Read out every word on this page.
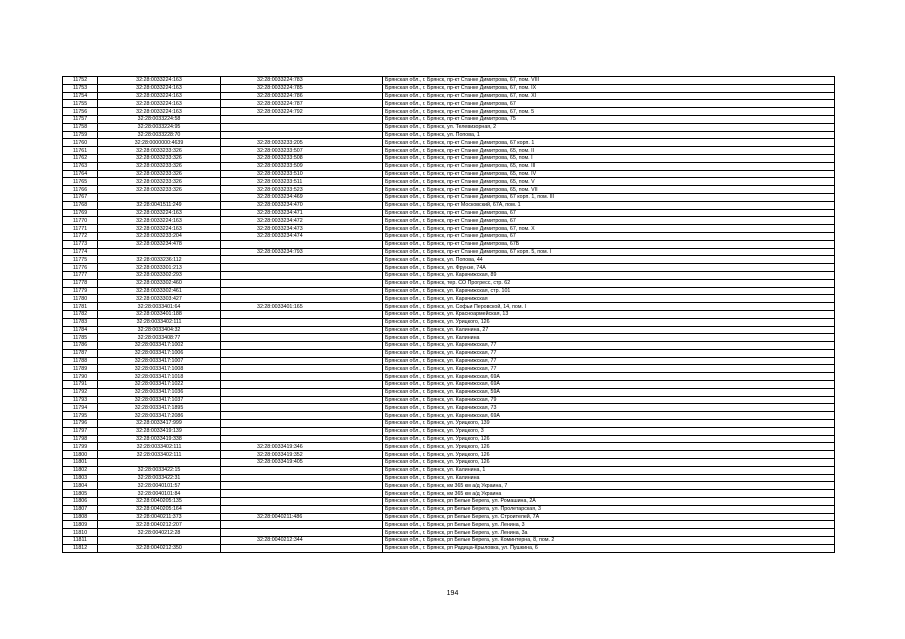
11752	32:28:0033224:163	32:28:0033224:783	Брянская обл., г. Брянск, пр-кт Станке Димитрова, 67, пом. VIII
11753	32:28:0033224:163	32:28:0033224:785	Брянская обл., г. Брянск, пр-кт Станке Димитрова, 67, пом. IX
11754	32:28:0033224:163	32:28:0033224:786	Брянская обл., г. Брянск, пр-кт Станке Димитрова, 67, пом. XI
11755	32:28:0033224:163	32:28:0033224:787	Брянская обл., г. Брянск, пр-кт Станке Димитрова, 67
11756	32:28:0033224:163	32:28:0033224:792	Брянская обл., г. Брянск, пр-кт Станке Димитрова, 67, пом. 5
11757	32:28:0033224:58		Брянская обл., г. Брянск, пр-кт Станке Димитрова, 75
11758	32:28:0033224:95		Брянская обл., г. Брянск, ул. Телевизорная, 2
11759	32:28:0033228:70		Брянская обл., г. Брянск, ул. Попова, 1
11760	32:28:0000000:4639	32:28:0033233:205	Брянская обл., г. Брянск, пр-кт Станке Димитрова, 67 корп. 1
11761	32:28:0033233:326	32:28:0033233:507	Брянская обл., г. Брянск, пр-кт Станке Димитрова, 65, пом. II
11762	32:28:0033233:326	32:28:0033233:508	Брянская обл., г. Брянск, пр-кт Станке Димитрова, 65, пом. I
11763	32:28:0033233:326	32:28:0033233:509	Брянская обл., г. Брянск, пр-кт Станке Димитрова, 65, пом. III
11764	32:28:0033233:326	32:28:0033233:510	Брянская обл., г. Брянск, пр-кт Станке Димитрова, 65, пом. IV
11765	32:28:0033233:326	32:28:0033233:511	Брянская обл., г. Брянск, пр-кт Станке Димитрова, 65, пом. V
11766	32:28:0033233:326	32:28:0033233:523	Брянская обл., г. Брянск, пр-кт Станке Димитрова, 65, пом. VII
11767		32:28:0033234:469	Брянская обл., г. Брянск, пр-кт Станке Димитрова, 67 корп. 1, пом. III
11768	32:28:0041511:249	32:28:0033234:470	Брянская обл., г. Брянск, пр-кт Московский, 67А, пом. 1
11769	32:28:0033224:163	32:28:0033234:471	Брянская обл., г. Брянск, пр-кт Станке Димитрова, 67
11770	32:28:0033224:163	32:28:0033234:472	Брянская обл., г. Брянск, пр-кт Станке Димитрова, 67
11771	32:28:0033224:163	32:28:0033234:473	Брянская обл., г. Брянск, пр-кт Станке Димитрова, 67, пом. X
11772	32:28:0033233:204	32:28:0033234:474	Брянская обл., г. Брянск, пр-кт Станке Димитрова, 67
11773	32:28:0033234:478		Брянская обл., г. Брянск, пр-кт Станке Димитрова, 67Б
11774		32:28:0033234:793	Брянская обл., г. Брянск, пр-кт Станке Димитрова, 67 корп. 5, пом. I
11775	32:28:0033236:112		Брянская обл., г. Брянск, ул. Попова, 44
11776	32:28:0033301:213		Брянская обл., г. Брянск, ул. Фрунзе, 74А
11777	32:28:0033302:293		Брянская обл., г. Брянск, ул. Карачижская, 89
11778	32:28:0033302:460		Брянская обл., г. Брянск, тер. СО Прогресс, стр. 62
11779	32:28:0033302:461		Брянская обл., г. Брянск, ул. Карачижская, стр. 101
11780	32:28:0033303:427		Брянская обл., г. Брянск, ул. Карачижская
11781	32:28:0033401:64	32:28:0033401:165	Брянская обл., г. Брянск, ул. Софьи Перовской, 14, пом. I
11782	32:28:0033401:188		Брянская обл., г. Брянск, ул. Красноармейская, 13
11783	32:28:0033402:111		Брянская обл., г. Брянск, ул. Урицкого, 126
11784	32:28:0033404:32		Брянская обл., г. Брянск, ул. Калинина, 27
11785	32:28:0033408:77		Брянская обл., г. Брянск, ул. Калинина
11786	32:28:0033417:1002		Брянская обл., г. Брянск, ул. Карачижская, 77
11787	32:28:0033417:1006		Брянская обл., г. Брянск, ул. Карачижская, 77
11788	32:28:0033417:1007		Брянская обл., г. Брянск, ул. Карачижская, 77
11789	32:28:0033417:1008		Брянская обл., г. Брянск, ул. Карачижская, 77
11790	32:28:0033417:1018		Брянская обл., г. Брянск, ул. Карачижская, 69А
11791	32:28:0033417:1022		Брянская обл., г. Брянск, ул. Карачижская, 69А
11792	32:28:0033417:1036		Брянская обл., г. Брянск, ул. Карачижская, 59А
11793	32:28:0033417:1037		Брянская обл., г. Брянск, ул. Карачижская, 79
11794	32:28:0033417:1895		Брянская обл., г. Брянск, ул. Карачижская, 73
11795	32:28:0033417:2086		Брянская обл., г. Брянск, ул. Карачижская, 69А
11796	32:28:0033417:999		Брянская обл., г. Брянск, ул. Урицкого, 139
11797	32:28:0033419:139		Брянская обл., г. Брянск, ул. Урицкого, 3
11798	32:28:0033419:338		Брянская обл., г. Брянск, ул. Урицкого, 126
11799	32:28:0033402:111	32:28:0033419:346	Брянская обл., г. Брянск, ул. Урицкого, 126
11800	32:28:0033402:111	32:28:0033419:352	Брянская обл., г. Брянск, ул. Урицкого, 126
11801		32:28:0033419:405	Брянская обл., г. Брянск, ул. Урицкого, 126
11802	32:28:0033422:15		Брянская обл., г. Брянск, ул. Калинина, 1
11803	32:28:0033422:31		Брянская обл., г. Брянск, ул. Калинина
11804	32:28:0040101:57		Брянская обл., г. Брянск, км 365 км а/д Украина, 7
11805	32:28:0040101:84		Брянская обл., г. Брянск, км 365 км а/д Украина
11806	32:28:0040205:135		Брянская обл., г. Брянск, рп Белые Берега, ул. Ромашина, 2А
11807	32:28:0040205:164		Брянская обл., г. Брянск, рп Белые Берега, ул. Пролетарская, 3
11808	32:28:0040211:373	32:28:0040211:486	Брянская обл., г. Брянск, рп Белые Берега, ул. Строителей, 7А
11809	32:28:0040212:207		Брянская обл., г. Брянск, рп Белые Берега, ул. Ленина, 3
11810	32:28:0040212:28		Брянская обл., г. Брянск, рп Белые Берега, ул. Ленина, 3а
11811		32:28:0040212:344	Брянская обл., г. Брянск, рп Белые Берега, ул. Коминтерна, 8, пом. 2
11812	32:28:0040212:350		Брянская обл., г. Брянск, рп Радица-Крыловка, ул. Пушкина, 6
194
